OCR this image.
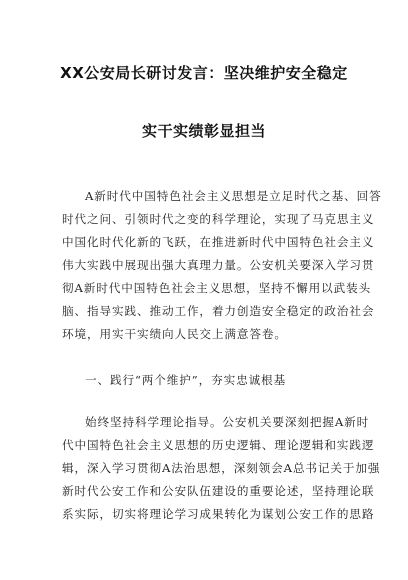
XX公安局长研讨发言：坚决维护安全稳定
实干实绩彰显担当
A新时代中国特色社会主义思想是立足时代之基、回答
时代之问、引领时代之变的科学理论，实现了马克思主义
中国化时代化新的飞跃，在推进新时代中国特色社会主义
伟大实践中展现出强大真理力量。公安机关要深入学习贯
彻A新时代中国特色社会主义思想，坚持不懈用以武装头
脑、指导实践、推动工作，着力创造安全稳定的政治社会
环境，用实干实绩向人民交上满意答卷。
一、践行“两个维护”，夯实忠诚根基
始终坚持科学理论指导。公安机关要深刻把握A新时
代中国特色社会主义思想的历史逻辑、理论逻辑和实践逻
辑，深入学习贯彻A法治思想，深刻领会A总书记关于加强
新时代公安工作和公安队伍建设的重要论述，坚持理论联
系实际，切实将理论学习成果转化为谋划公安工作的思路
